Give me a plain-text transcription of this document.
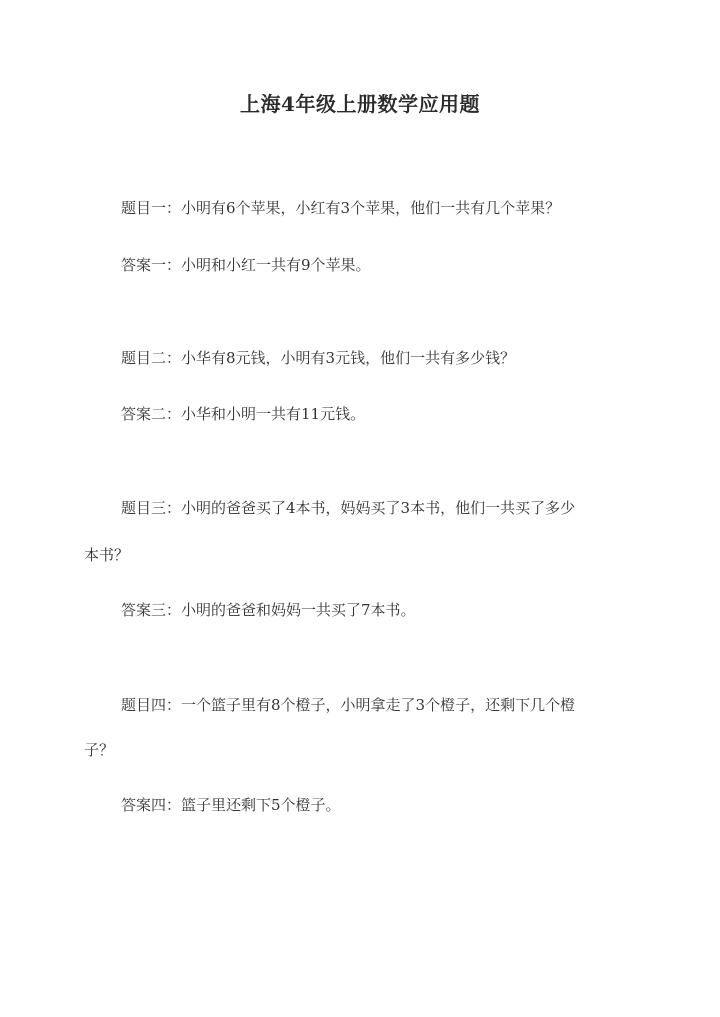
上海4年级上册数学应用题
题目一：小明有6个苹果，小红有3个苹果，他们一共有几个苹果？
答案一：小明和小红一共有9个苹果。
题目二：小华有8元钱，小明有3元钱，他们一共有多少钱？
答案二：小华和小明一共有11元钱。
题目三：小明的爸爸买了4本书，妈妈买了3本书，他们一共买了多少
本书？
答案三：小明的爸爸和妈妈一共买了7本书。
题目四：一个篮子里有8个橙子，小明拿走了3个橙子，还剩下几个橙
子？
答案四：篮子里还剩下5个橙子。
